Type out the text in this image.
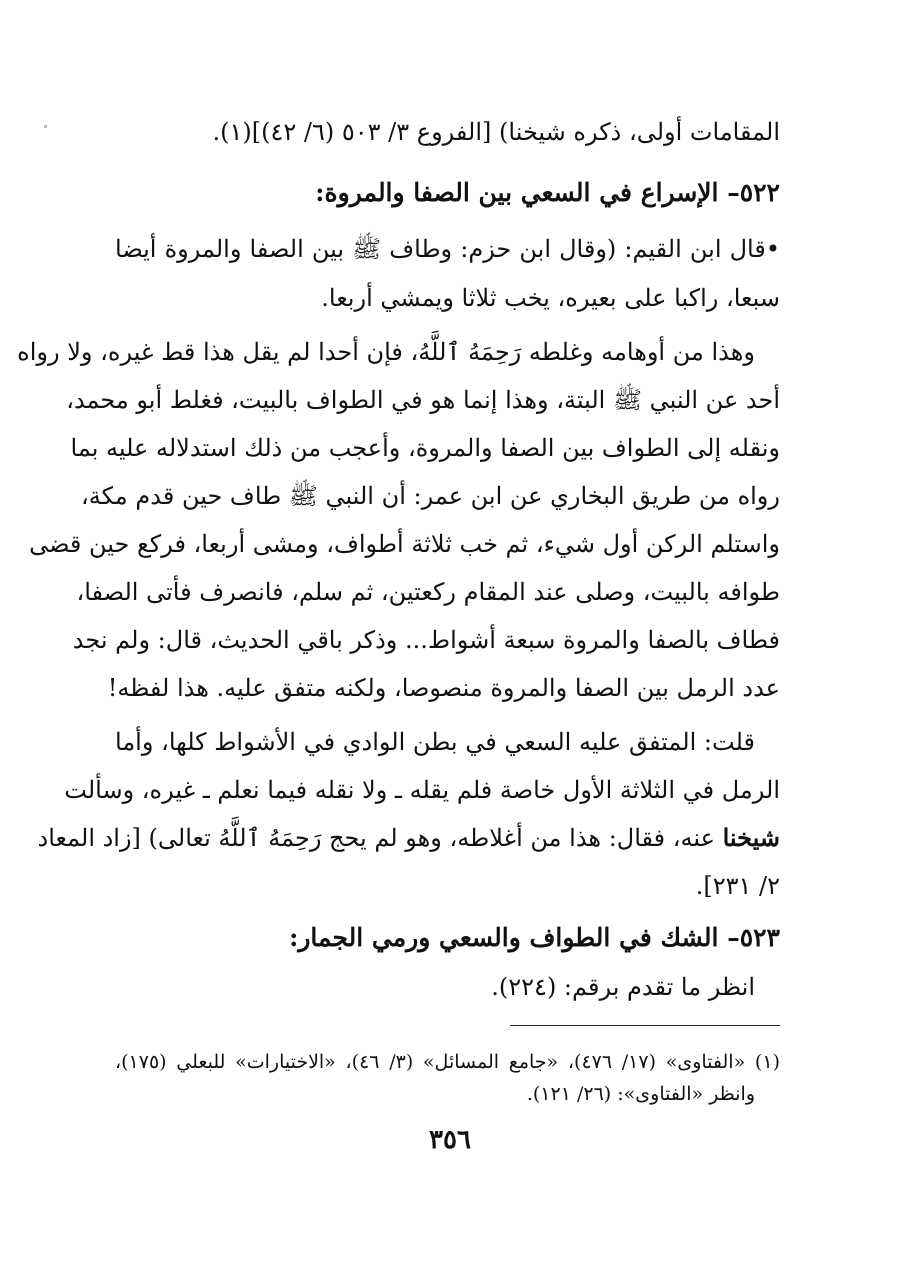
المقامات أولى، ذكره شيخنا) [الفروع ٣/ ٥٠٣ (٦/ ٤٢)](١).
٥٢٢– الإسراع في السعي بين الصفا والمروة:
•قال ابن القيم: (وقال ابن حزم: وطاف ﷺ بين الصفا والمروة أيضا
سبعا، راكبا على بعيره، يخب ثلاثا ويمشي أربعا.
وهذا من أوهامه وغلطه رَحِمَهُ ٱللَّهُ، فإن أحدا لم يقل هذا قط غيره، ولا رواه
أحد عن النبي ﷺ البتة، وهذا إنما هو في الطواف بالبيت، فغلط أبو محمد،
ونقله إلى الطواف بين الصفا والمروة، وأعجب من ذلك استدلاله عليه بما
رواه من طريق البخاري عن ابن عمر: أن النبي ﷺ طاف حين قدم مكة،
واستلم الركن أول شيء، ثم خب ثلاثة أطواف، ومشى أربعا، فركع حين قضى
طوافه بالبيت، وصلى عند المقام ركعتين، ثم سلم، فانصرف فأتى الصفا،
فطاف بالصفا والمروة سبعة أشواط... وذكر باقي الحديث، قال: ولم نجد
عدد الرمل بين الصفا والمروة منصوصا، ولكنه متفق عليه. هذا لفظه!
قلت: المتفق عليه السعي في بطن الوادي في الأشواط كلها، وأما
الرمل في الثلاثة الأول خاصة فلم يقله ـ ولا نقله فيما نعلم ـ غيره، وسألت
شيخنا عنه، فقال: هذا من أغلاطه، وهو لم يحج رَحِمَهُ ٱللَّهُ تعالى) [زاد المعاد
٢/ ٢٣١].
٥٢٣– الشك في الطواف والسعي ورمي الجمار:
انظر ما تقدم برقم: (٢٢٤).
(١) «الفتاوى» (١٧/ ٤٧٦)، «جامع المسائل» (٣/ ٤٦)، «الاختيارات» للبعلي (١٧٥)،
وانظر «الفتاوى»: (٢٦/ ١٢١).
٣٥٦
